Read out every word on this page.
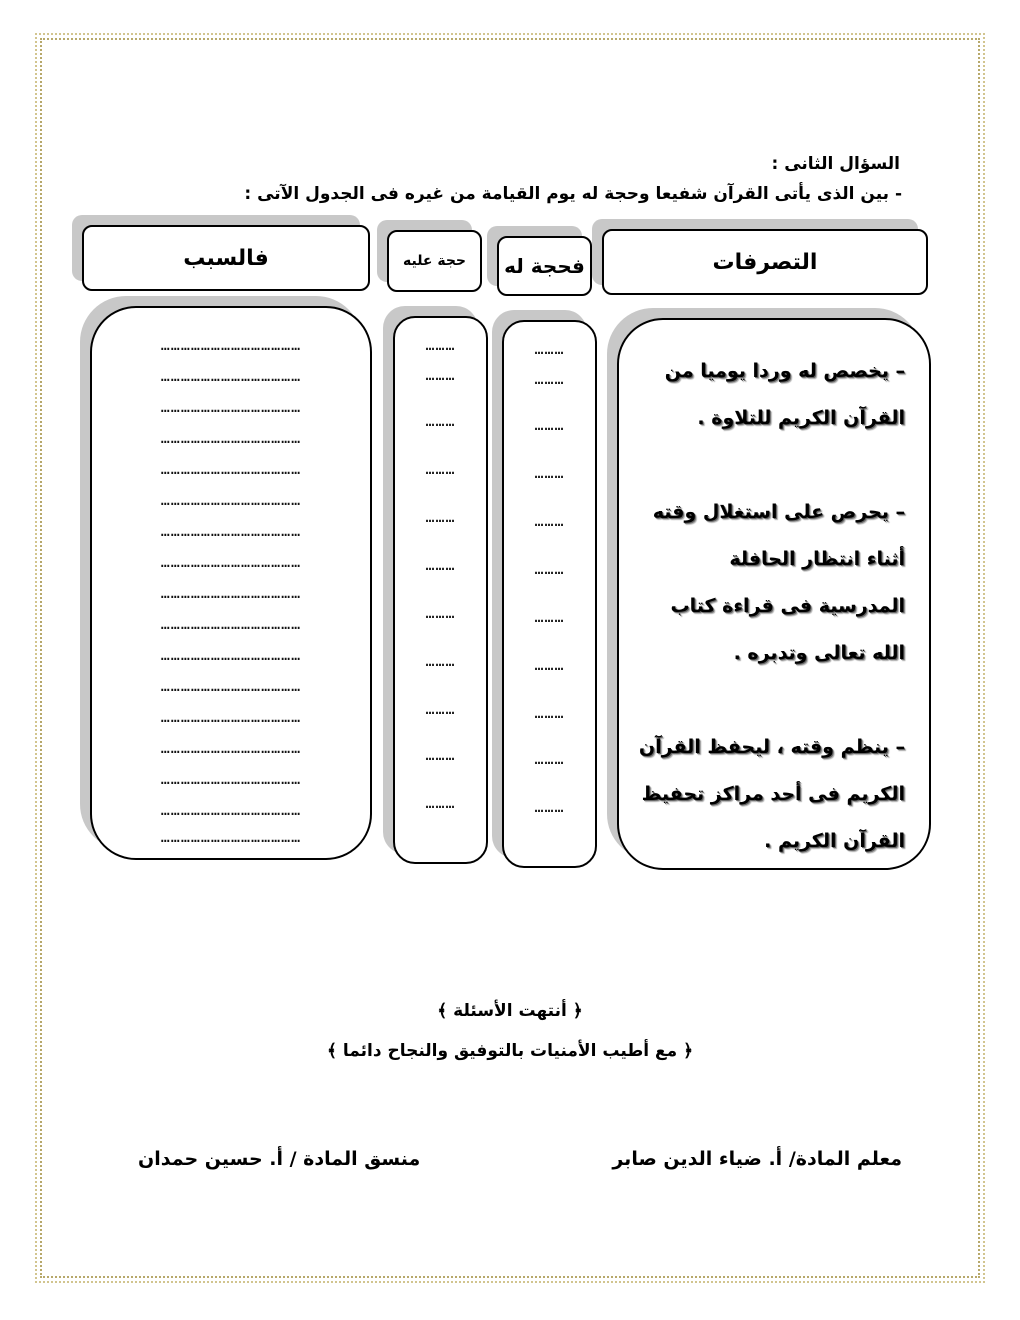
السؤال الثانى :
- بين الذى يأتى القرآن شفيعا وحجة له يوم القيامة من غيره فى الجدول الآتى :
التصرفات
فحجة له
حجة عليه
فالسبب

– يخصص له وردا يوميا من القرآن الكريم للتلاوة .

– يحرص على استغلال وقته أثناء انتظار الحافلة المدرسية فى قراءة كتاب الله تعالى وتدبره .

– ينظم وقته ، ليحفظ القرآن الكريم فى أحد مراكز تحفيظ القرآن الكريم .

………
………
………
………
………
………
………
………
………
………
………
………
………
………
………
………
………
………
………
………
………
………
……………………………………
……………………………………
……………………………………
……………………………………
……………………………………
……………………………………
……………………………………
……………………………………
……………………………………
……………………………………
……………………………………
……………………………………
……………………………………
……………………………………
……………………………………
……………………………………
……………………………………
﴿ أنتهت الأسئلة ﴾
﴿ مع أطيب الأمنيات بالتوفيق والنجاح دائما ﴾
معلم المادة/ أ. ضياء الدين صابر
منسق المادة / أ. حسين حمدان
